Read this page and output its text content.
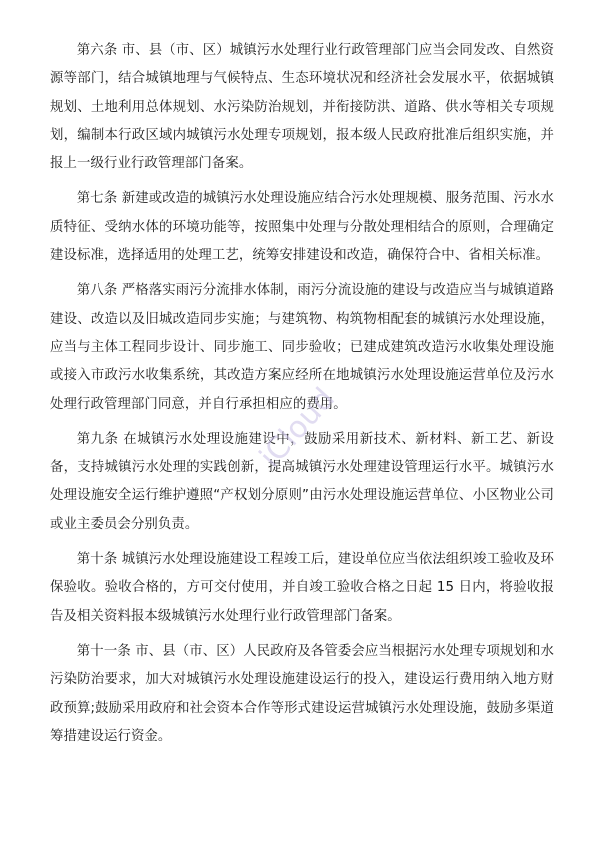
第六条 市、县（市、区）城镇污水处理行业行政管理部门应当会同发改、自然资源等部门，结合城镇地理与气候特点、生态环境状况和经济社会发展水平，依据城镇规划、土地利用总体规划、水污染防治规划，并衔接防洪、道路、供水等相关专项规划，编制本行政区域内城镇污水处理专项规划，报本级人民政府批准后组织实施，并报上一级行业行政管理部门备案。

第七条 新建或改造的城镇污水处理设施应结合污水处理规模、服务范围、污水水质特征、受纳水体的环境功能等，按照集中处理与分散处理相结合的原则，合理确定建设标准，选择适用的处理工艺，统筹安排建设和改造，确保符合中、省相关标准。

第八条 严格落实雨污分流排水体制，雨污分流设施的建设与改造应当与城镇道路建设、改造以及旧城改造同步实施；与建筑物、构筑物相配套的城镇污水处理设施，应当与主体工程同步设计、同步施工、同步验收；已建成建筑改造污水收集处理设施或接入市政污水收集系统，其改造方案应经所在地城镇污水处理设施运营单位及污水处理行政管理部门同意，并自行承担相应的费用。

第九条 在城镇污水处理设施建设中，鼓励采用新技术、新材料、新工艺、新设备，支持城镇污水处理的实践创新，提高城镇污水处理建设管理运行水平。城镇污水处理设施安全运行维护遵照“产权划分原则”由污水处理设施运营单位、小区物业公司或业主委员会分别负责。

第十条 城镇污水处理设施建设工程竣工后，建设单位应当依法组织竣工验收及环保验收。验收合格的，方可交付使用，并自竣工验收合格之日起 15 日内，将验收报告及相关资料报本级城镇污水处理行业行政管理部门备案。

第十一条 市、县（市、区）人民政府及各管委会应当根据污水处理专项规划和水污染防治要求，加大对城镇污水处理设施建设运行的投入，建设运行费用纳入地方财政预算;鼓励采用政府和社会资本合作等形式建设运营城镇污水处理设施，鼓励多渠道筹措建设运行资金。

iCloud
